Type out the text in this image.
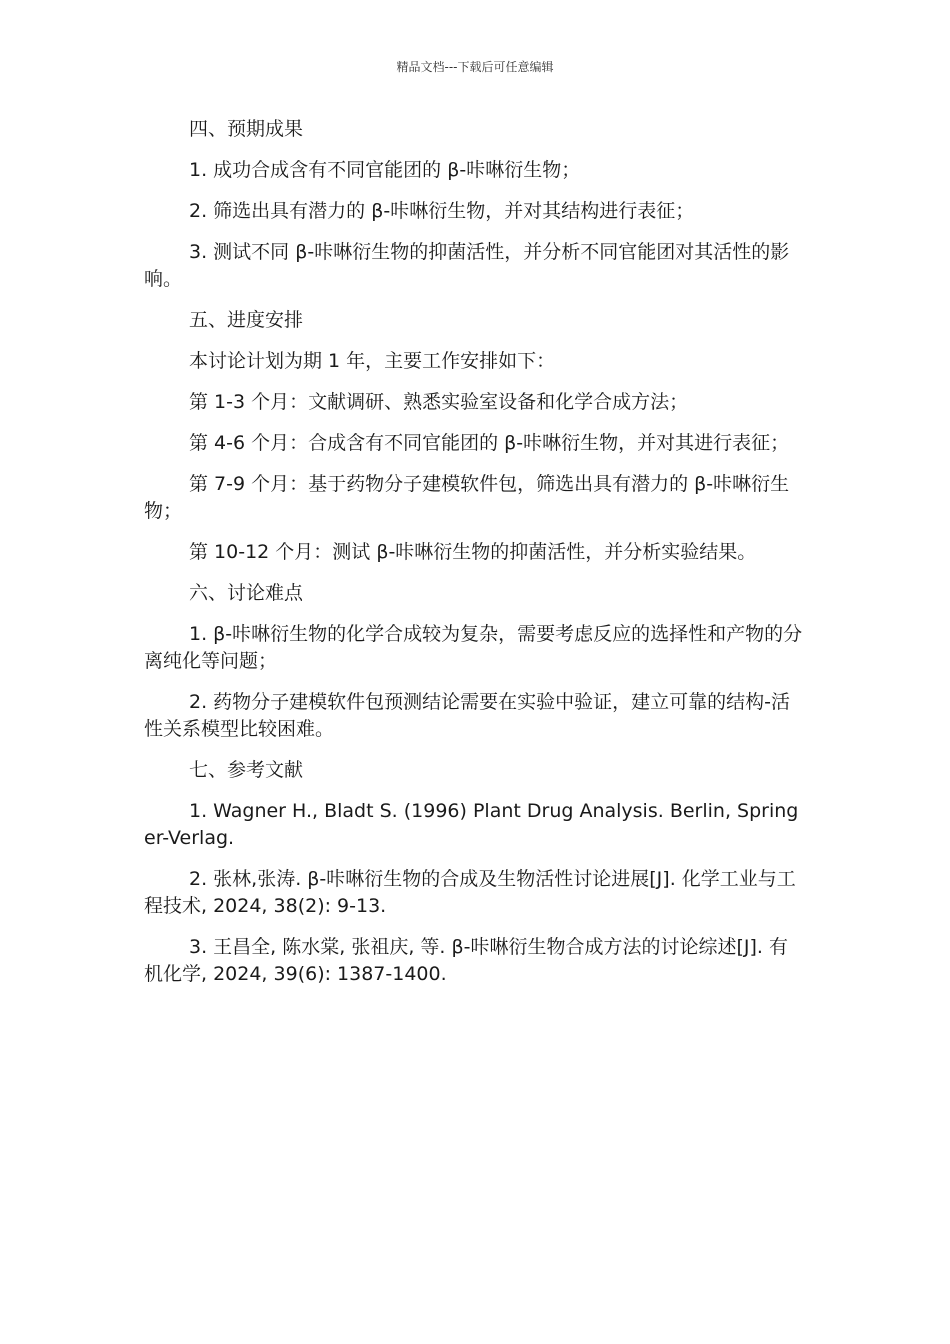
精品文档---下载后可任意编辑

四、预期成果

1. 成功合成含有不同官能团的 β-咔啉衍生物；

2. 筛选出具有潜力的 β-咔啉衍生物，并对其结构进行表征；

3. 测试不同 β-咔啉衍生物的抑菌活性，并分析不同官能团对其活性的影响。

五、进度安排

本讨论计划为期 1 年，主要工作安排如下：

第 1-3 个月：文献调研、熟悉实验室设备和化学合成方法；

第 4-6 个月：合成含有不同官能团的 β-咔啉衍生物，并对其进行表征；

第 7-9 个月：基于药物分子建模软件包，筛选出具有潜力的 β-咔啉衍生物；

第 10-12 个月：测试 β-咔啉衍生物的抑菌活性，并分析实验结果。

六、讨论难点

1. β-咔啉衍生物的化学合成较为复杂，需要考虑反应的选择性和产物的分离纯化等问题；

2. 药物分子建模软件包预测结论需要在实验中验证，建立可靠的结构-活性关系模型比较困难。

七、参考文献

1. Wagner H., Bladt S. (1996) Plant Drug Analysis. Berlin, Springer-Verlag.

2. 张林,张涛. β-咔啉衍生物的合成及生物活性讨论进展[J]. 化学工业与工程技术, 2024, 38(2): 9-13.

3. 王昌全, 陈水棠, 张祖庆, 等. β-咔啉衍生物合成方法的讨论综述[J]. 有机化学, 2024, 39(6): 1387-1400.
